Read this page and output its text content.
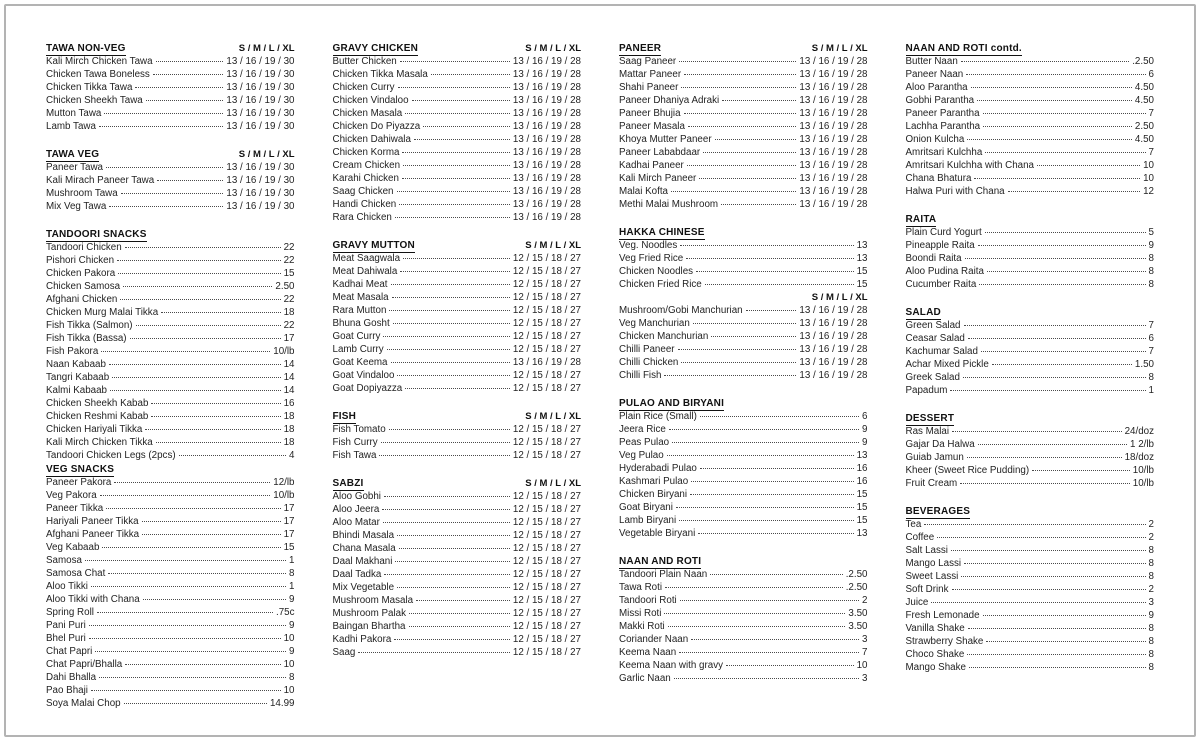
TAWA NON-VEG	S / M / L / XL
Kali Mirch Chicken Tawa	13 / 16 / 19 / 30
Chicken Tawa Boneless	13 / 16 / 19 / 30
Chicken Tikka Tawa	13 / 16 / 19 / 30
Chicken Sheekh Tawa	13 / 16 / 19 / 30
Mutton Tawa	13 / 16 / 19 / 30
Lamb Tawa	13 / 16 / 19 / 30
TAWA VEG	S / M / L / XL
Paneer Tawa	13 / 16 / 19 / 30
Kali Mirach Paneer Tawa	13 / 16 / 19 / 30
Mushroom Tawa	13 / 16 / 19 / 30
Mix Veg Tawa	13 / 16 / 19 / 30
TANDOORI SNACKS
Tandoori Chicken	22
Pishori Chicken	22
Chicken Pakora	15
Chicken Samosa	2.50
Afghani Chicken	22
Chicken Murg Malai Tikka	18
Fish Tikka (Salmon)	22
Fish Tikka (Bassa)	17
Fish Pakora	10/lb
Naan Kabaab	14
Tangri Kabaab	14
Kalmi Kabaab	14
Chicken Sheekh Kabab	16
Chicken Reshmi Kabab	18
Chicken Hariyali Tikka	18
Kali Mirch Chicken Tikka	18
Tandoori Chicken Legs (2pcs)	4
VEG SNACKS
Paneer Pakora	12/lb
Veg Pakora	10/lb
Paneer Tikka	17
Hariyali Paneer Tikka	17
Afghani Paneer Tikka	17
Veg Kabaab	15
Samosa	1
Samosa Chat	8
Aloo Tikki	1
Aloo Tikki with Chana	9
Spring Roll	.75c
Pani Puri	9
Bhel Puri	10
Chat Papri	9
Chat Papri/Bhalla	10
Dahi Bhalla	8
Pao Bhaji	10
Soya Malai Chop	14.99
GRAVY CHICKEN	S / M / L / XL
Butter Chicken	13 / 16 / 19 / 28
Chicken Tikka Masala	13 / 16 / 19 / 28
Chicken Curry	13 / 16 / 19 / 28
Chicken Vindaloo	13 / 16 / 19 / 28
Chicken Masala	13 / 16 / 19 / 28
Chicken Do Piyazza	13 / 16 / 19 / 28
Chicken Dahiwala	13 / 16 / 19 / 28
Chicken Korma	13 / 16 / 19 / 28
Cream Chicken	13 / 16 / 19 / 28
Karahi Chicken	13 / 16 / 19 / 28
Saag Chicken	13 / 16 / 19 / 28
Handi Chicken	13 / 16 / 19 / 28
Rara Chicken	13 / 16 / 19 / 28
GRAVY MUTTON	S / M / L / XL
Meat Saagwala	12 / 15 / 18 / 27
Meat Dahiwala	12 / 15 / 18 / 27
Kadhai Meat	12 / 15 / 18 / 27
Meat Masala	12 / 15 / 18 / 27
Rara Mutton	12 / 15 / 18 / 27
Bhuna Gosht	12 / 15 / 18 / 27
Goat Curry	12 / 15 / 18 / 27
Lamb Curry	12 / 15 / 18 / 27
Goat Keema	13 / 16 / 19 / 28
Goat Vindaloo	12 / 15 / 18 / 27
Goat Dopiyazza	12 / 15 / 18 / 27
FISH	S / M / L / XL
Fish Tomato	12 / 15 / 18 / 27
Fish Curry	12 / 15 / 18 / 27
Fish Tawa	12 / 15 / 18 / 27
SABZI	S / M / L / XL
Aloo Gobhi	12 / 15 / 18 / 27
Aloo Jeera	12 / 15 / 18 / 27
Aloo Matar	12 / 15 / 18 / 27
Bhindi Masala	12 / 15 / 18 / 27
Chana Masala	12 / 15 / 18 / 27
Daal Makhani	12 / 15 / 18 / 27
Daal Tadka	12 / 15 / 18 / 27
Mix Vegetable	12 / 15 / 18 / 27
Mushroom Masala	12 / 15 / 18 / 27
Mushroom Palak	12 / 15 / 18 / 27
Baingan Bhartha	12 / 15 / 18 / 27
Kadhi Pakora	12 / 15 / 18 / 27
Saag	12 / 15 / 18 / 27
PANEER	S / M / L / XL
Saag Paneer	13 / 16 / 19 / 28
Mattar Paneer	13 / 16 / 19 / 28
Shahi Paneer	13 / 16 / 19 / 28
Paneer Dhaniya Adraki	13 / 16 / 19 / 28
Paneer Bhujia	13 / 16 / 19 / 28
Paneer Masala	13 / 16 / 19 / 28
Khoya Mutter Paneer	13 / 16 / 19 / 28
Paneer Lababdaar	13 / 16 / 19 / 28
Kadhai Paneer	13 / 16 / 19 / 28
Kali Mirch Paneer	13 / 16 / 19 / 28
Malai Kofta	13 / 16 / 19 / 28
Methi Malai Mushroom	13 / 16 / 19 / 28
HAKKA CHINESE
Veg. Noodles	13
Veg Fried Rice	13
Chicken Noodles	15
Chicken Fried Rice	15
S / M / L / XL
Mushroom/Gobi Manchurian	13 / 16 / 19 / 28
Veg Manchurian	13 / 16 / 19 / 28
Chicken Manchurian	13 / 16 / 19 / 28
Chilli Paneer	13 / 16 / 19 / 28
Chilli Chicken	13 / 16 / 19 / 28
Chilli Fish	13 / 16 / 19 / 28
PULAO AND BIRYANI
Plain Rice (Small)	6
Jeera Rice	9
Peas Pulao	9
Veg Pulao	13
Hyderabadi Pulao	16
Kashmari Pulao	16
Chicken Biryani	15
Goat Biryani	15
Lamb Biryani	15
Vegetable Biryani	13
NAAN AND ROTI
Tandoori Plain Naan	.2.50
Tawa Roti	.2.50
Tandoori Roti	2
Missi Roti	3.50
Makki Roti	3.50
Coriander Naan	3
Keema Naan	7
Keema Naan with gravy	10
Garlic Naan	3
NAAN AND ROTI contd.
Butter Naan	.2.50
Paneer Naan	6
Aloo Parantha	4.50
Gobhi Parantha	4.50
Paneer Parantha	7
Lachha Parantha	2.50
Onion Kulcha	4.50
Amritsari Kulchha	7
Amritsari Kulchha with Chana	10
Chana Bhatura	10
Halwa Puri with Chana	12
RAITA
Plain Curd Yogurt	5
Pineapple Raita	9
Boondi Raita	8
Aloo Pudina Raita	8
Cucumber Raita	8
SALAD
Green Salad	7
Ceasar Salad	6
Kachumar Salad	7
Achar Mixed Pickle	1.50
Greek Salad	8
Papadum	1
DESSERT
Ras Malai	24/doz
Gajar Da Halwa	1 2/lb
Guiab Jamun	18/doz
Kheer (Sweet Rice Pudding)	10/lb
Fruit Cream	10/lb
BEVERAGES
Tea	2
Coffee	2
Salt Lassi	8
Mango Lassi	8
Sweet Lassi	8
Soft Drink	2
Juice	3
Fresh Lemonade	9
Vanilla Shake	8
Strawberry Shake	8
Choco Shake	8
Mango Shake	8
